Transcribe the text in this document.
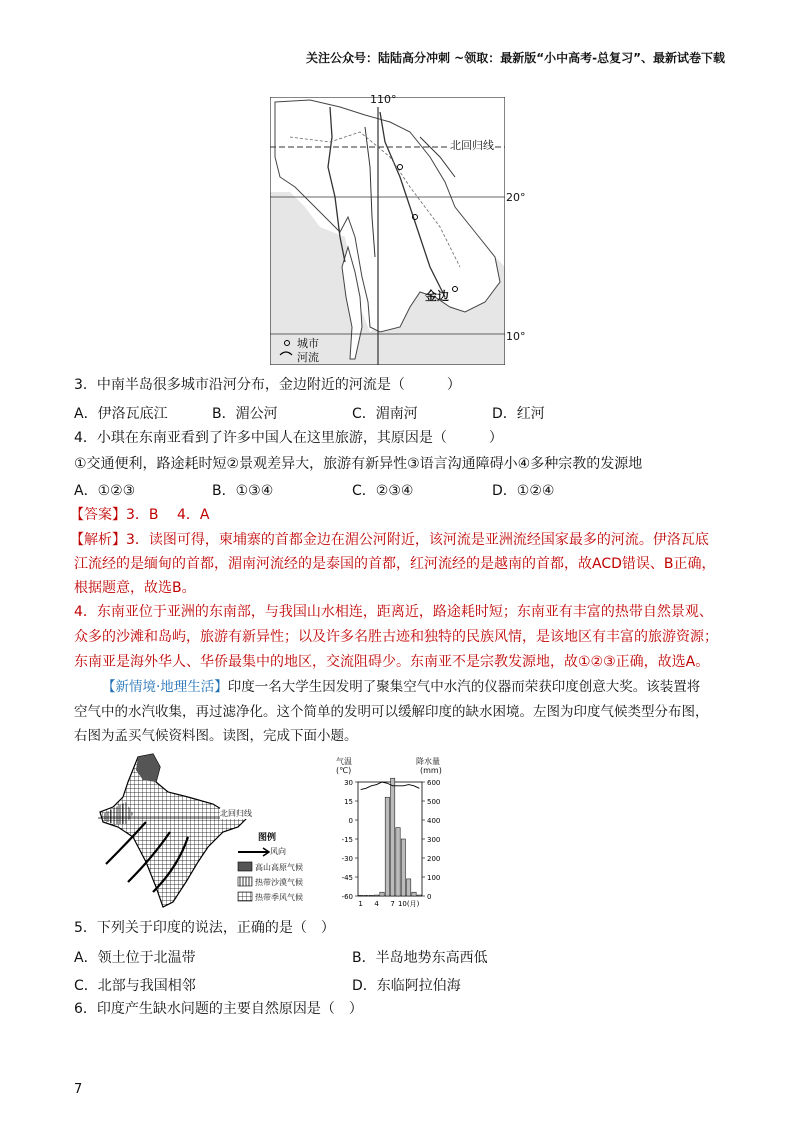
关注公众号：陆陆高分冲刺 ~领取：最新版“小中高考-总复习”、最新试卷下载
110°
北回归线
20°
10°
金边
城市
河流
3．中南半岛很多城市沿河分布，金边附近的河流是（　　　）
A．伊洛瓦底江	B．湄公河	C．湄南河	D．红河
4．小琪在东南亚看到了许多中国人在这里旅游，其原因是（　　　）
①交通便利，路途耗时短②景观差异大，旅游有新异性③语言沟通障碍小④多种宗教的发源地
A．①②③	B．①③④	C．②③④	D．①②④
【答案】3．B　 4．A
【解析】3．读图可得，柬埔寨的首都金边在湄公河附近，该河流是亚洲流经国家最多的河流。伊洛瓦底
江流经的是缅甸的首都，湄南河流经的是泰国的首都，红河流经的是越南的首都，故ACD错误、B正确，
根据题意，故选B。
4．东南亚位于亚洲的东南部，与我国山水相连，距离近，路途耗时短；东南亚有丰富的热带自然景观、
众多的沙滩和岛屿，旅游有新异性；以及许多名胜古迹和独特的民族风情，是该地区有丰富的旅游资源；
东南亚是海外华人、华侨最集中的地区，交流阻碍少。东南亚不是宗教发源地，故①②③正确，故选A。
【新情境·地理生活】印度一名大学生因发明了聚集空气中水汽的仪器而荣获印度创意大奖。该装置将
空气中的水汽收集，再过滤净化。这个简单的发明可以缓解印度的缺水困境。左图为印度气候类型分布图，
右图为孟买气候资料图。读图，完成下面小题。
北回归线
图例
风向
高山高原气候
热带沙漠气候
热带季风气候
气温
(℃)
降水量
(mm)
30
15
0
-15
-30
-45
-60
600
500
400
300
200
100
0
1 4 7 10(月)
5．下列关于印度的说法，正确的是（　）
A．领土位于北温带	B．半岛地势东高西低
C．北部与我国相邻	D．东临阿拉伯海
6．印度产生缺水问题的主要自然原因是（　）
7
